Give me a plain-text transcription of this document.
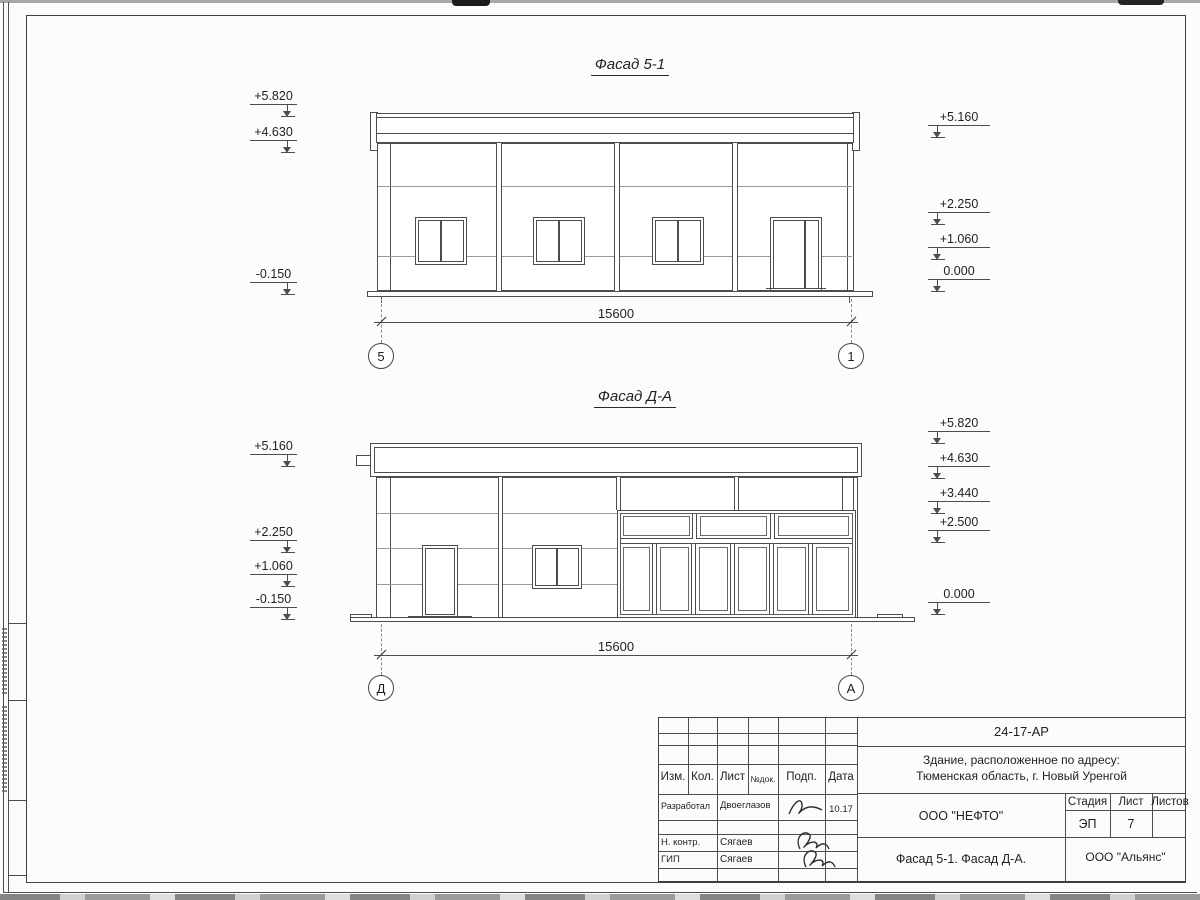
Фасад 5-1
15600
5	1
+5.820
+4.630
-0.150
+5.160
+2.250
+1.060
0.000
Фасад Д-А
15600
Д	А
+5.160
+2.250
+1.060
-0.150
+5.820
+4.630
+3.440
+2.500
0.000
Изм. Кол. Лист №док. Подп.	Дата
Разработал Двоеглазов	10.17
Н. контр. Сягаев
ГИП	Сягаев
24-17-АР
Здание, расположенное по адресу:
Тюменская область, г. Новый Уренгой
ООО "НЕФТО"
Стадия Лист Листов
ЭП	7
Фасад 5-1. Фасад Д-А.	ООО "Альянс"
